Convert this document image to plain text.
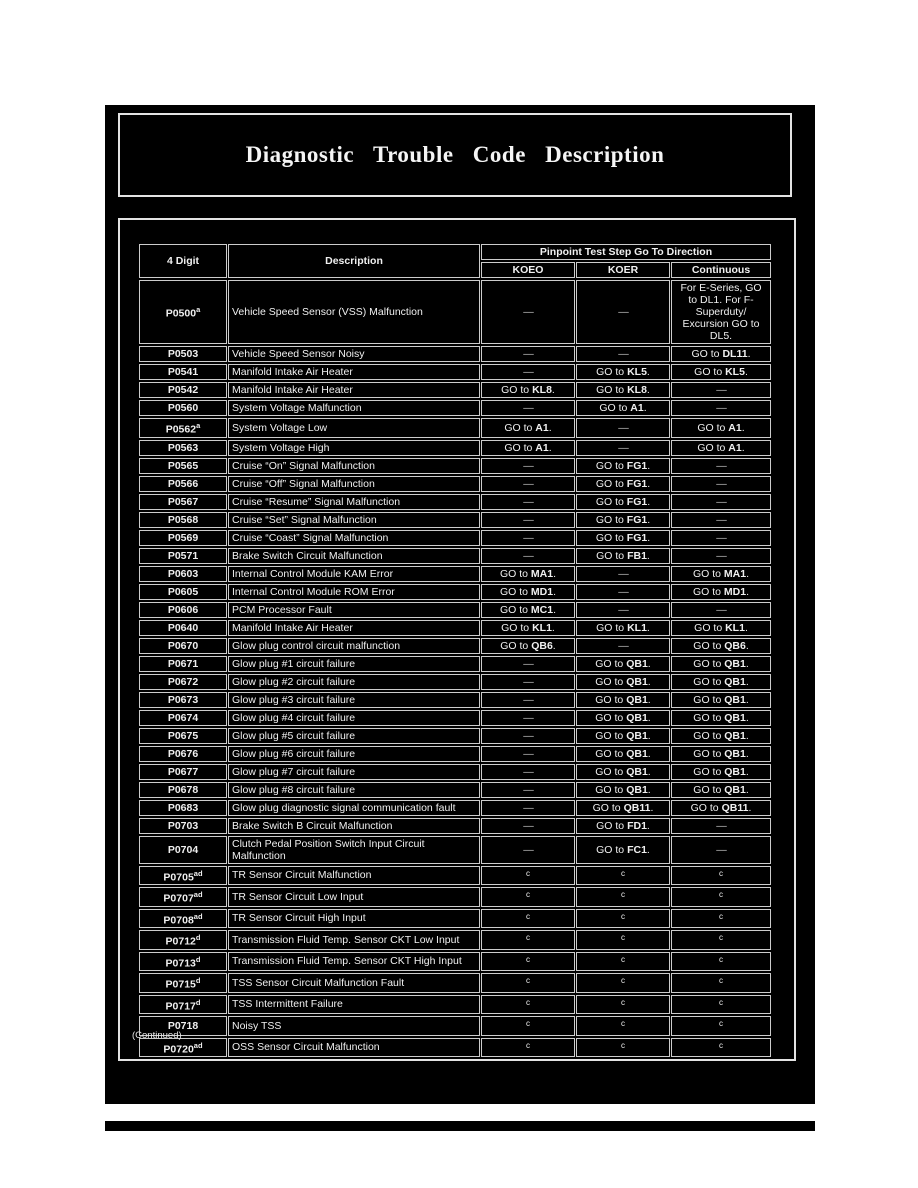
Diagnostic Trouble Code Description
4 Digit	Description	Pinpoint Test Step Go To Direction		
		KOEO	KOER	Continuous
P0500$^a$	Vehicle Speed Sensor (VSS) Malfunction	—	—	For E-Series, GO to DL1. For F-Superduty/ Excursion GO to DL5.
P0503	Vehicle Speed Sensor Noisy	—	—	GO to DL11.
P0541	Manifold Intake Air Heater	—	GO to KL5.	GO to KL5.
P0542	Manifold Intake Air Heater	GO to KL8.	GO to KL8.	—
P0560	System Voltage Malfunction	—	GO to A1.	—
P0562$^a$	System Voltage Low	GO to A1.	—	GO to A1.
P0563	System Voltage High	GO to A1.	—	GO to A1.
P0565	Cruise “On” Signal Malfunction	—	GO to FG1.	—
P0566	Cruise “Off” Signal Malfunction	—	GO to FG1.	—
P0567	Cruise “Resume” Signal Malfunction	—	GO to FG1.	—
P0568	Cruise “Set” Signal Malfunction	—	GO to FG1.	—
P0569	Cruise “Coast” Signal Malfunction	—	GO to FG1.	—
P0571	Brake Switch Circuit Malfunction	—	GO to FB1.	—
P0603	Internal Control Module KAM Error	GO to MA1.	—	GO to MA1.
P0605	Internal Control Module ROM Error	GO to MD1.	—	GO to MD1.
P0606	PCM Processor Fault	GO to MC1.	—	—
P0640	Manifold Intake Air Heater	GO to KL1.	GO to KL1.	GO to KL1.
P0670	Glow plug control circuit malfunction	GO to QB6.	—	GO to QB6.
P0671	Glow plug #1 circuit failure	—	GO to QB1.	GO to QB1.
P0672	Glow plug #2 circuit failure	—	GO to QB1.	GO to QB1.
P0673	Glow plug #3 circuit failure	—	GO to QB1.	GO to QB1.
P0674	Glow plug #4 circuit failure	—	GO to QB1.	GO to QB1.
P0675	Glow plug #5 circuit failure	—	GO to QB1.	GO to QB1.
P0676	Glow plug #6 circuit failure	—	GO to QB1.	GO to QB1.
P0677	Glow plug #7 circuit failure	—	GO to QB1.	GO to QB1.
P0678	Glow plug #8 circuit failure	—	GO to QB1.	GO to QB1.
P0683	Glow plug diagnostic signal communication fault	—	GO to QB11.	GO to QB11.
P0703	Brake Switch B Circuit Malfunction	—	GO to FD1.	—
P0704	Clutch Pedal Position Switch Input Circuit Malfunction	—	GO to FC1.	—
$P0705^{ad}$	TR Sensor Circuit Malfunction	$^c$	$^c$	$^c$
$P0707^{ad}$	TR Sensor Circuit Low Input	$^c$	$^c$	$^c$
$P0708^{ad}$	TR Sensor Circuit High Input	$^c$	$^c$	$^c$
P0712$^d$	Transmission Fluid Temp. Sensor CKT Low Input	$^c$	$^c$	$^c$
P0713$^d$	Transmission Fluid Temp. Sensor CKT High Input	$^c$	$^c$	$^c$
P0715$^d$	TSS Sensor Circuit Malfunction Fault	$^c$	$^c$	$^c$
P0717$^d$	TSS Intermittent Failure	$^c$	$^c$	$^c$
P0718	Noisy TSS	$^c$	$^c$	$^c$
$P0720^{ad}$	OSS Sensor Circuit Malfunction	$^c$	$^c$	$^c$
(Continued)
